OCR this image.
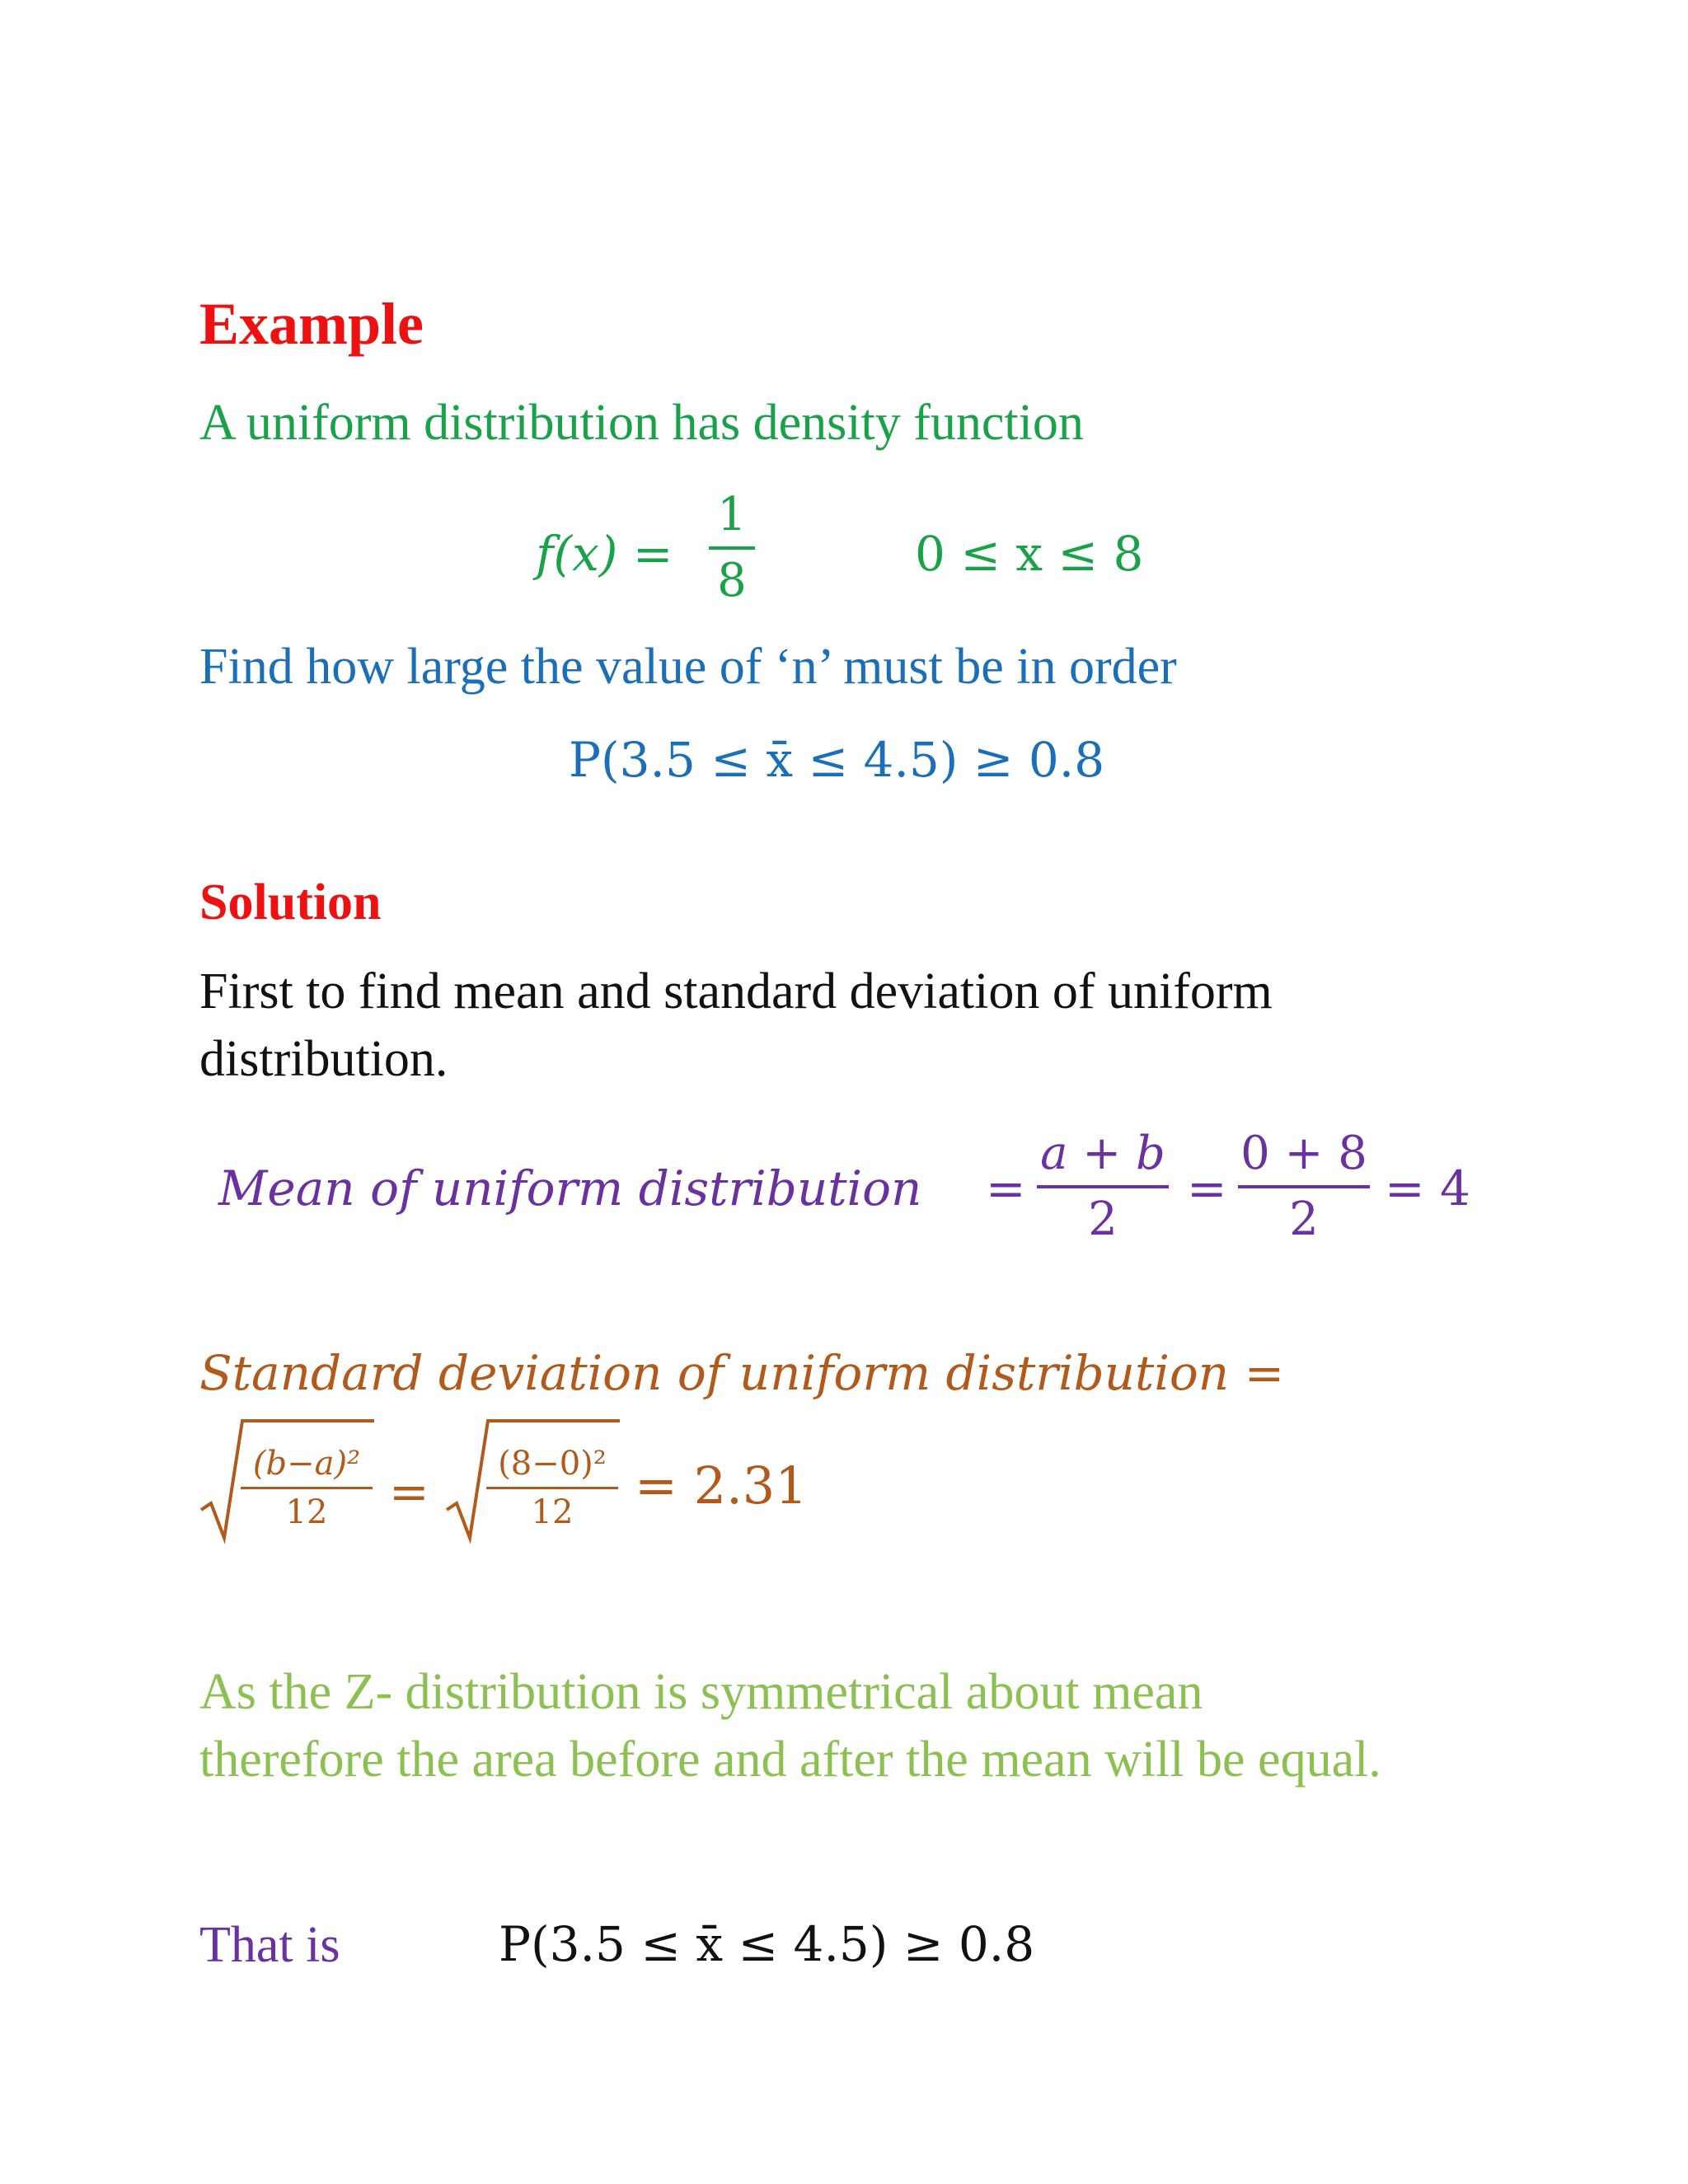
Example
A uniform distribution has density function
f(x) =
1
8	0 ≤ x ≤ 8
Find how large the value of ‘n’ must be in order
P(3.5 ≤ x̄ ≤ 4.5) ≥ 0.8
Solution
First to find mean and standard deviation of uniform
distribution.
Mean of uniform distribution =
a + b
2
=
0 + 8
2
= 4
Standard deviation of uniform distribution =
(b−a)²
12 =
(8−0)²
12 = 2.31
As the Z- distribution is symmetrical about mean
therefore the area before and after the mean will be equal.
That is	P(3.5 ≤ x̄ ≤ 4.5) ≥ 0.8
